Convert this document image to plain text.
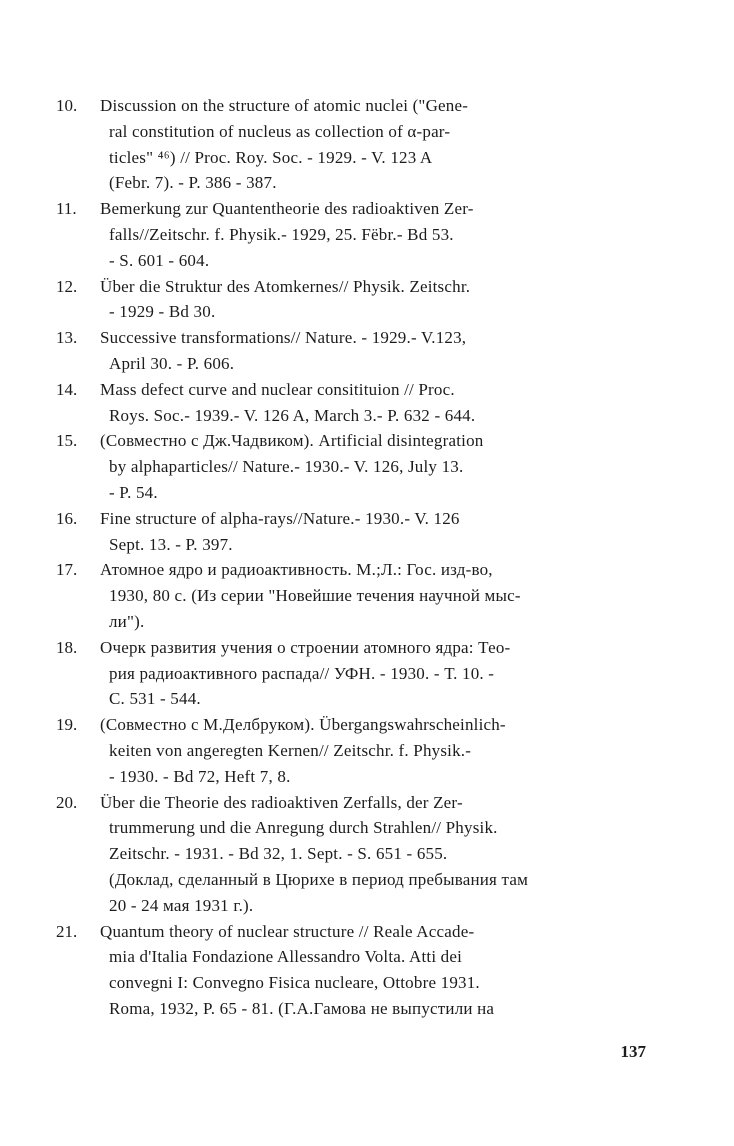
10.	Discussion on the structure of atomic nuclei ("Gene-
ral constitution of nucleus as collection of α-par-
ticles" ⁴⁶) // Proc. Roy. Soc. - 1929. - V. 123 A
(Febr. 7). - P. 386 - 387.
11.	Bemerkung zur Quantentheorie des radioaktiven Zer-
falls//Zeitschr. f. Physik.- 1929, 25. Fëbr.- Bd 53.
- S. 601 - 604.
12.	Über die Struktur des Atomkernes// Physik. Zeitschr.
- 1929 - Bd 30.
13.	Successive transformations// Nature. - 1929.- V.123,
April 30. - P. 606.
14.	Mass defect curve and nuclear consitituion // Proc.
Roys. Soc.- 1939.- V. 126 A, March 3.- P. 632 - 644.
15.	(Совместно с Дж.Чадвиком). Artificial disintegration
by alphaparticles// Nature.- 1930.- V. 126, July 13.
- P. 54.
16.	Fine structure of alpha-rays//Nature.- 1930.- V. 126
Sept. 13. - P. 397.
17.	Атомное ядро и радиоактивность. М.;Л.: Гос. изд-во,
1930, 80 с. (Из серии "Новейшие течения научной мыс-
ли").
18.	Очерк развития учения о строении атомного ядра: Тео-
рия радиоактивного распада// УФН. - 1930. - Т. 10. -
С. 531 - 544.
19.	(Совместно с М.Делбруком). Übergangswahrscheinlich-
keiten von angeregten Kernen// Zeitschr. f. Physik.-
- 1930. - Bd 72, Heft 7, 8.
20.	Über die Theorie des radioaktiven Zerfalls, der Zer-
trummerung und die Anregung durch Strahlen// Physik.
Zeitschr. - 1931. - Bd 32, 1. Sept. - S. 651 - 655.
(Доклад, сделанный в Цюрихе в период пребывания там
20 - 24 мая 1931 г.).
21.	Quantum theory of nuclear structure // Reale Accade-
mia d'Italia Fondazione Allessandro Volta. Atti dei
convegni I: Convegno Fisica nucleare, Ottobre 1931.
Roma, 1932, P. 65 - 81. (Г.А.Гамова не выпустили на
137
